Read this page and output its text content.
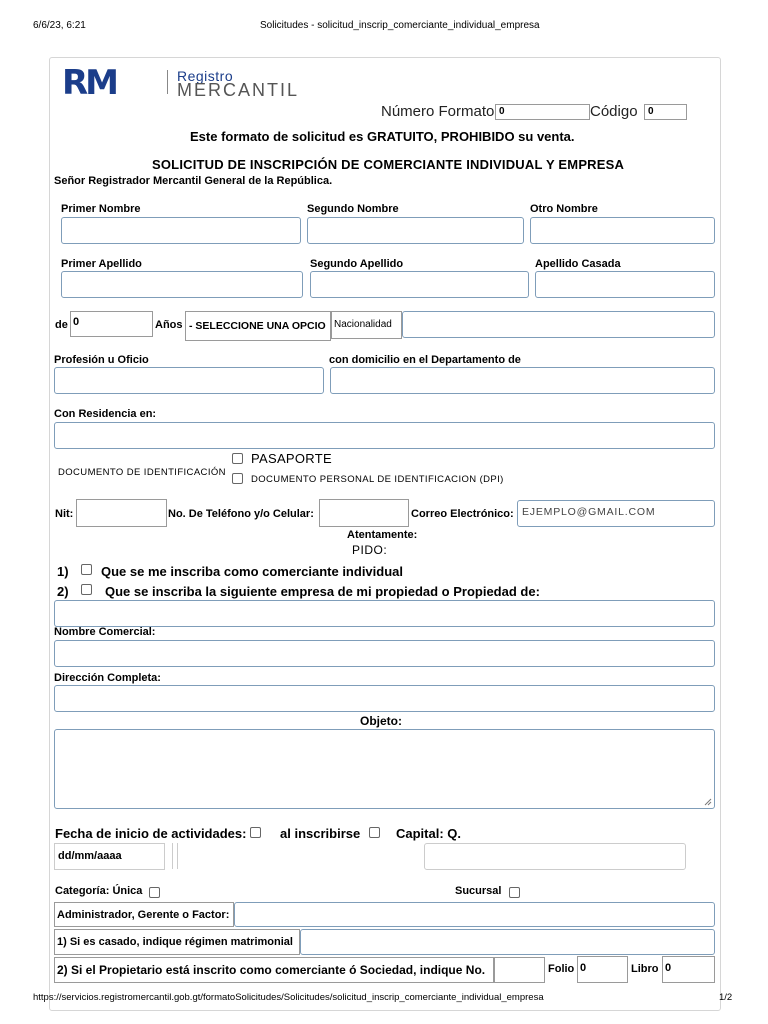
6/6/23, 6:21	Solicitudes - solicitud_inscrip_comerciante_individual_empresa
RM	Registro
MERCANTIL
Número Formato 0	Código	0
Este formato de solicitud es GRATUITO, PROHIBIDO su venta.
SOLICITUD DE INSCRIPCIÓN DE COMERCIANTE INDIVIDUAL Y EMPRESA
Señor Registrador Mercantil General de la República.
Primer Nombre	Segundo Nombre	Otro Nombre
Primer Apellido	Segundo Apellido	Apellido Casada
de 0	Años - SELECCIONE UNA OPCIO Nacionalidad
Profesión u Oficio	con domicilio en el Departamento de
Con Residencia en:
DOCUMENTO DE IDENTIFICACIÓN
PASAPORTE
DOCUMENTO PERSONAL DE IDENTIFICACION (DPI)
Nit:	No. De Teléfono y/o Celular:	Correo Electrónico: EJEMPLO@GMAIL.COM
Atentamente:
PIDO:
1) Que se me inscriba como comerciante individual
2)	Que se inscriba la siguiente empresa de mi propiedad o Propiedad de:
Nombre Comercial:
Dirección Completa:
Objeto:
Fecha de inicio de actividades:	al inscribirse	Capital: Q.
dd/mm/aaaa
Categoría: Única	Sucursal
Administrador, Gerente o Factor:
1) Si es casado, indique régimen matrimonial
2) Si el Propietario está inscrito como comerciante ó Sociedad, indique No.	Folio 0	Libro 0
https://servicios.registromercantil.gob.gt/formatoSolicitudes/Solicitudes/solicitud_inscrip_comerciante_individual_empresa	1/2
